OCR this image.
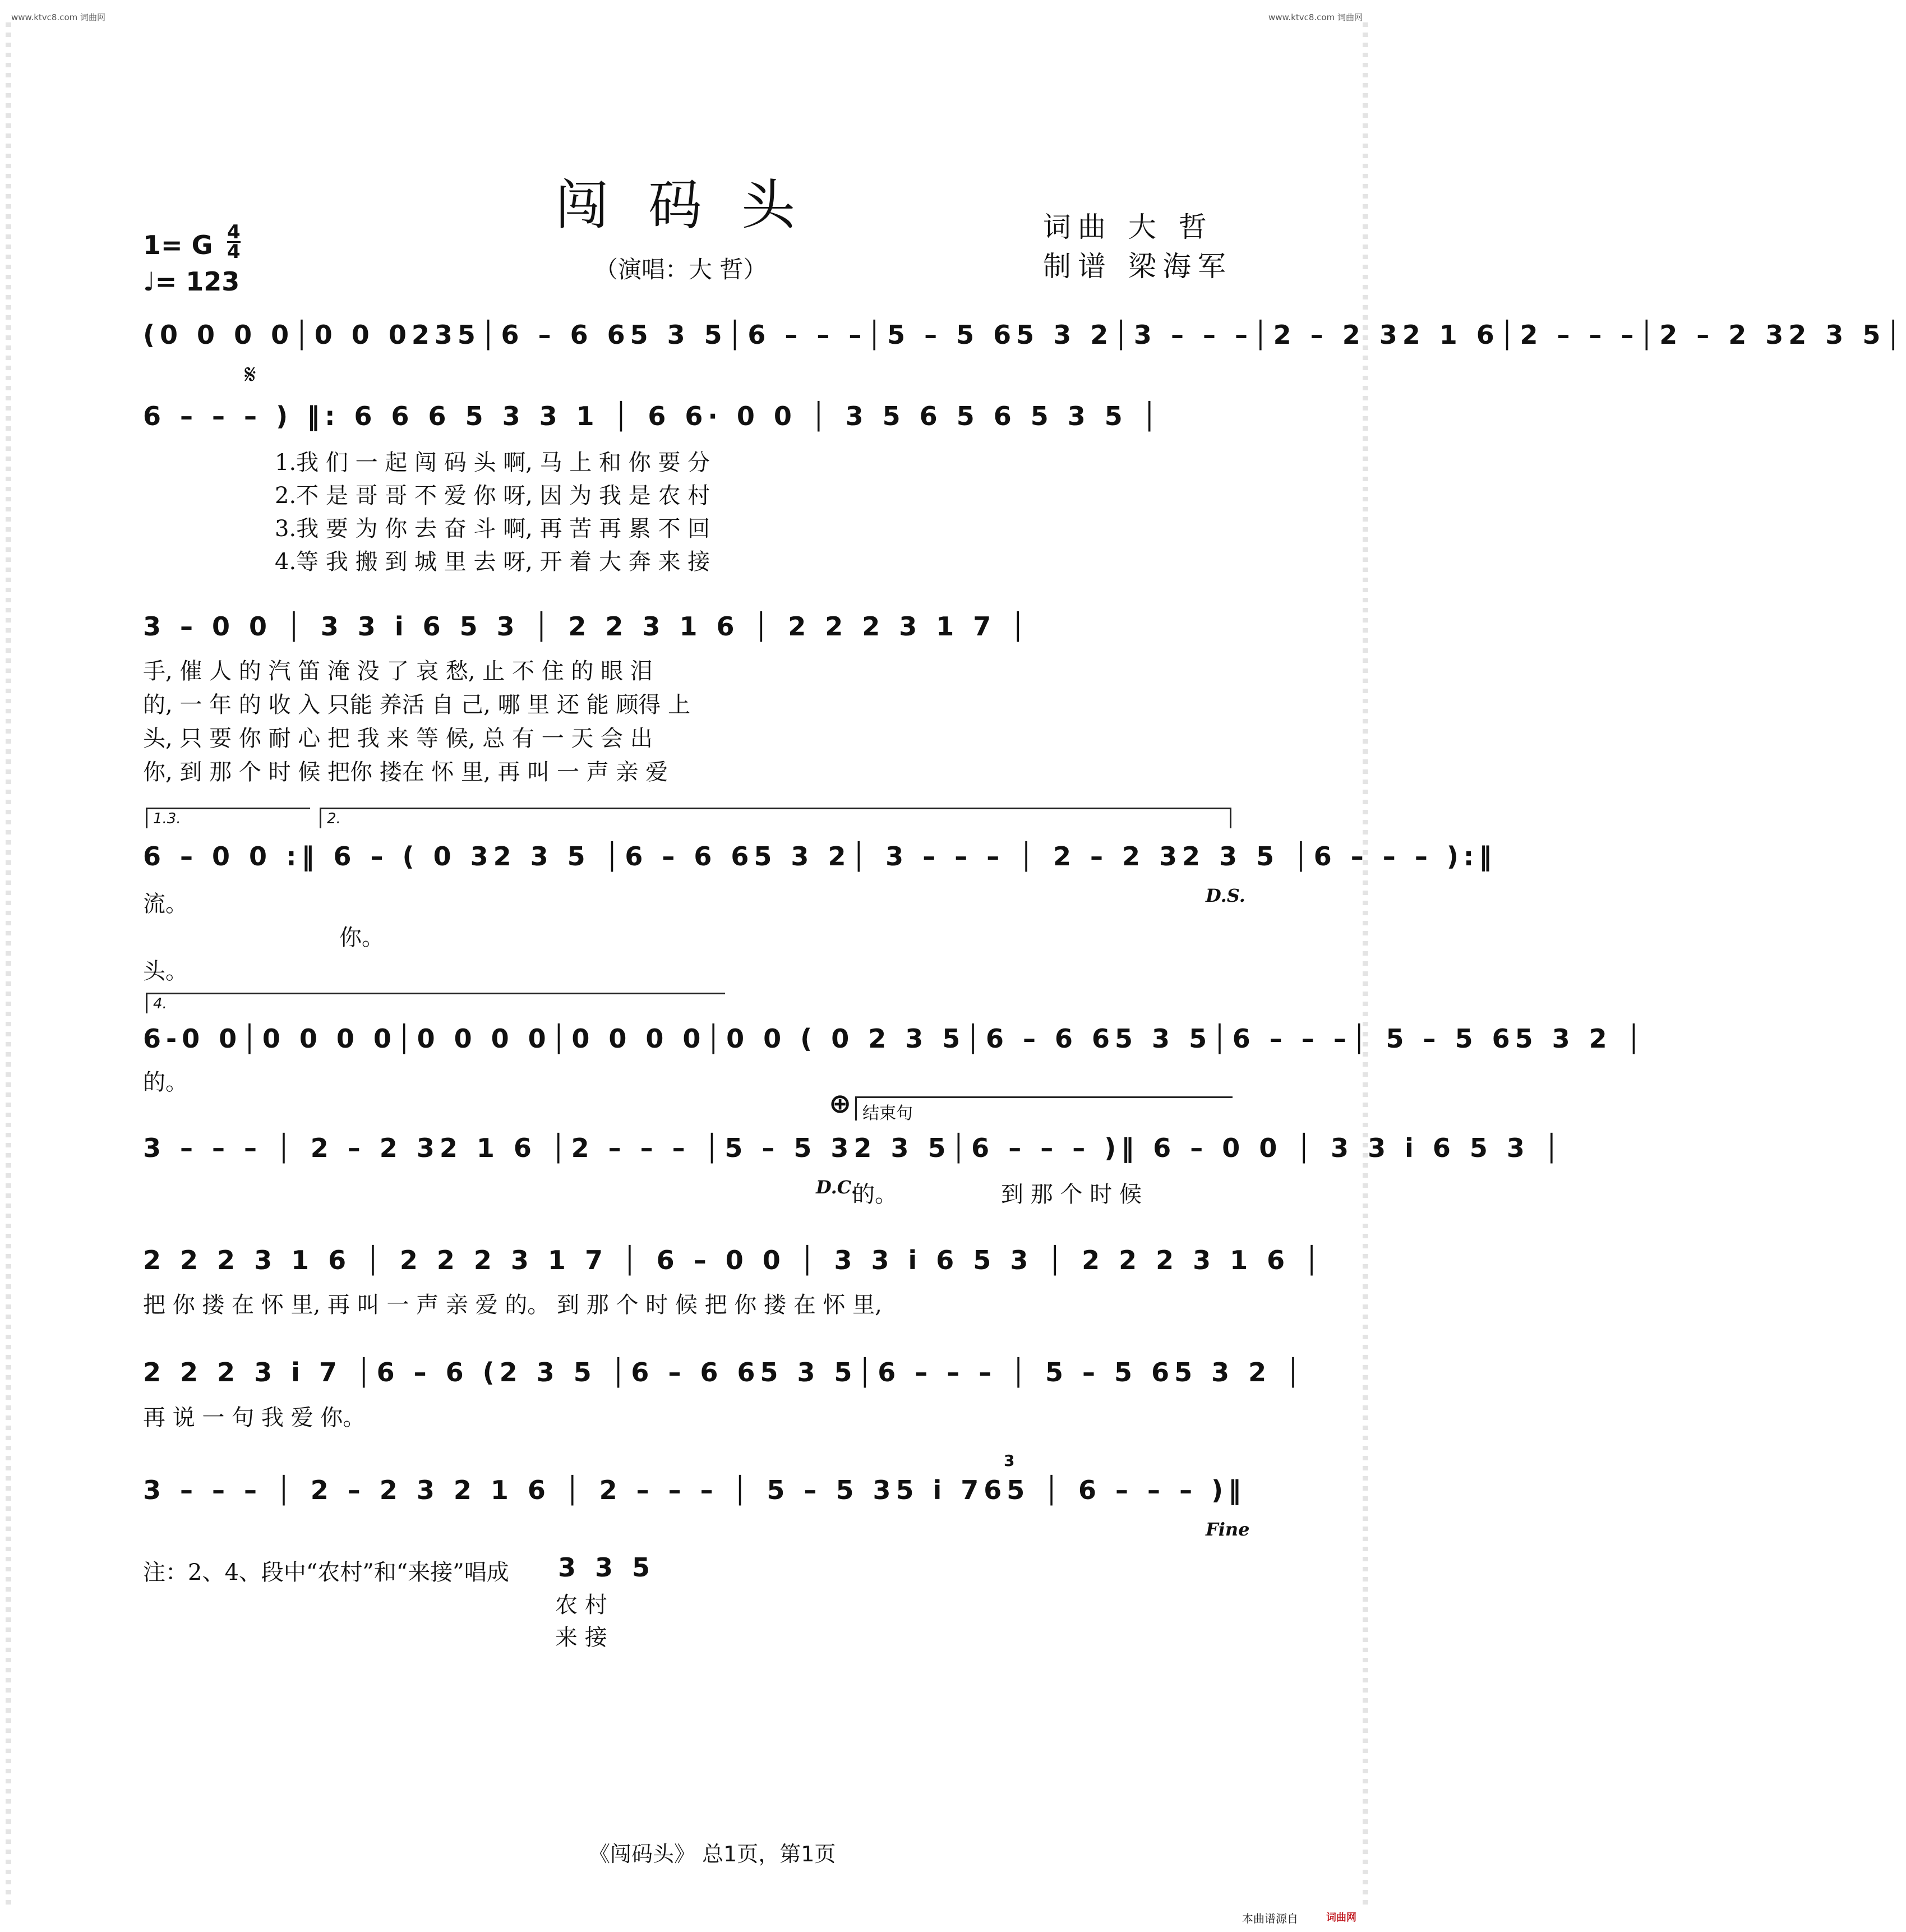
www.ktvc8.com 词曲网	www.ktvc8.com 词曲网
闯码头	词曲 大 哲
制谱 梁海军
（演唱：大 哲）
1= G 4
4
♩= 123
(0 0 0 0│0 0 0235│6 – 6 65 3 5│6 – – –│5 – 5 65 3 2│3 – – –│2 – 2 32 1 6│2 – – –│2 – 2 32 3 5│
𝄋
6 – – – ) ‖: 6 6 6 5 3 3 1 │ 6 6· 0 0 │ 3 5 6 5 6 5 3 5 │
1.我 们 一 起 闯 码 头 啊, 马 上 和 你 要 分
2.不 是 哥 哥 不 爱 你 呀, 因 为 我 是 农 村
3.我 要 为 你 去 奋 斗 啊, 再 苦 再 累 不 回
4.等 我 搬 到 城 里 去 呀, 开 着 大 奔 来 接
3 – 0 0 │ 3 3 i 6 5 3 │ 2 2 3 1 6 │ 2 2 2 3 1 7 │
手, 催 人 的 汽 笛 淹 没 了 哀 愁, 止 不 住 的 眼 泪
的, 一 年 的 收 入 只能 养活 自 己, 哪 里 还 能 顾得 上
头, 只 要 你 耐 心 把 我 来 等 候, 总 有 一 天 会 出
你, 到 那 个 时 候 把你 搂在 怀 里, 再 叫 一 声 亲 爱
1.3.	2.
6 – 0 0 :‖ 6 – ( 0 32 3 5 │6 – 6 65 3 2│ 3 – – – │ 2 – 2 32 3 5 │6 – – – ):‖
D.S.
流。
你。
头。
4.
6-0 0│0 0 0 0│0 0 0 0│0 0 0 0│0 0 ( 0 2 3 5│6 – 6 65 3 5│6 – – –│ 5 – 5 65 3 2 │
的。
⊕ 结束句
3 – – – │ 2 – 2 32 1 6 │2 – – – │5 – 5 32 3 5│6 – – – )‖ 6 – 0 0 │ 3 3 i 6 5 3 │
D.C.
的。	到 那 个 时 候
2 2 2 3 1 6 │ 2 2 2 3 1 7 │ 6 – 0 0 │ 3 3 i 6 5 3 │ 2 2 2 3 1 6 │
把 你 搂 在 怀 里, 再 叫 一 声 亲 爱 的。 到 那 个 时 候 把 你 搂 在 怀 里,
2 2 2 3 i 7 │6 – 6 (2 3 5 │6 – 6 65 3 5│6 – – – │ 5 – 5 65 3 2 │
再 说 一 句 我 爱 你。
3
3 – – – │ 2 – 2 3 2 1 6 │ 2 – – – │ 5 – 5 35 i 765 │ 6 – – – )‖
Fine
注：2、4、段中“农村”和“来接”唱成 3 3 5
农 村
来 接
《闯码头》 总1页，第1页
本曲谱源自	词曲网
